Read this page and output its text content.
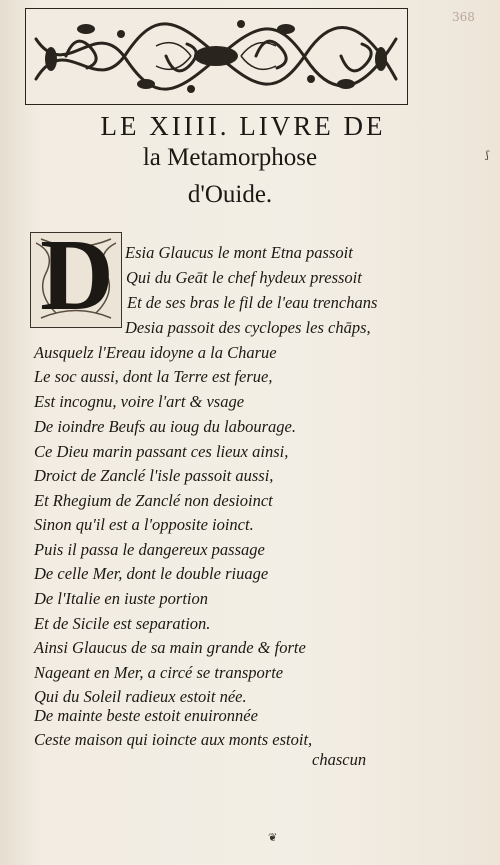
368
LE XIIII. LIVRE DE
la Metamorphose
d'Ouide.
D Esia Glaucus le mont Etna passoit
Qui du Geāt le chef hydeux pressoit
Et de ses bras le fil de l'eau trenchans
Desia passoit des cyclopes les chāps,
Ausquelz l'Ereau idoyne a la Charue
Le soc aussi, dont la Terre est ferue,
Est incognu, voire l'art & vsage
De ioindre Beufs au ioug du labourage.
Ce Dieu marin passant ces lieux ainsi,
Droict de Zanclé l'isle passoit aussi,
Et Rhegium de Zanclé non desioinct
Sinon qu'il est a l'opposite ioinct.
Puis il passa le dangereux passage
De celle Mer, dont le double riuage
De l'Italie en iuste portion
Et de Sicile est separation.
Ainsi Glaucus de sa main grande & forte
Nageant en Mer, a circé se transporte
Qui du Soleil radieux estoit née.
De mainte beste estoit enuironnée
Ceste maison qui ioincte aux monts estoit,
chascun
❦
ʃ
